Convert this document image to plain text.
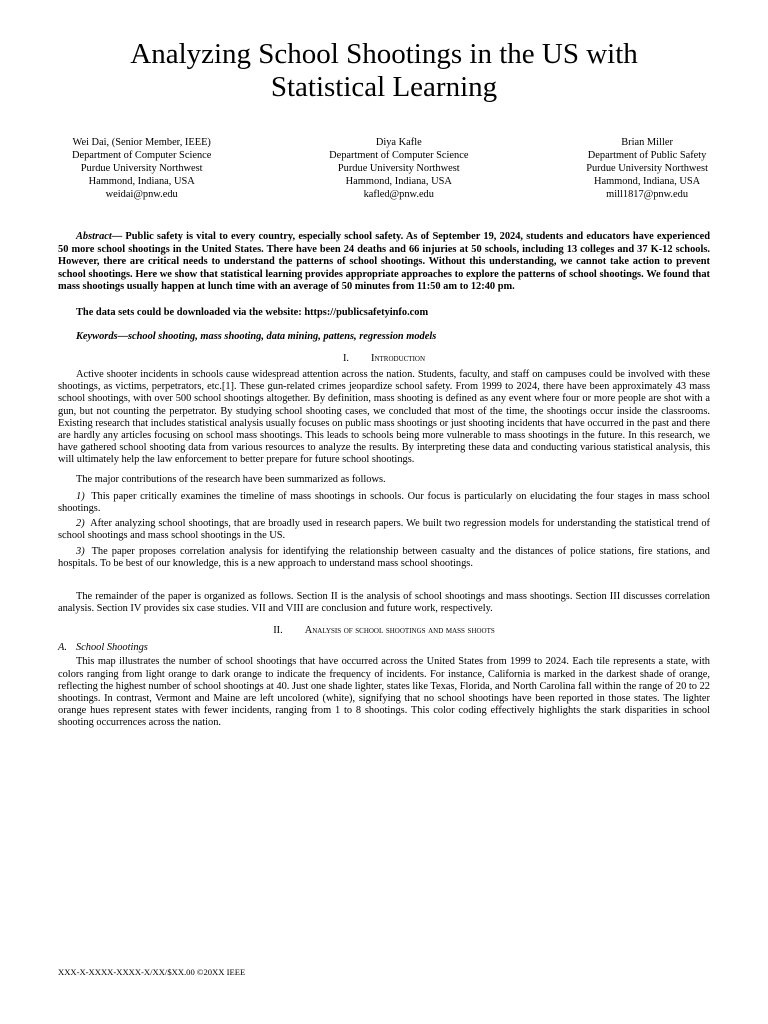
Analyzing School Shootings in the US with
Statistical Learning
Wei Dai, (Senior Member, IEEE)
Department of Computer Science
Purdue University Northwest
Hammond, Indiana, USA
weidai@pnw.edu
Diya Kafle
Department of Computer Science
Purdue University Northwest
Hammond, Indiana, USA
kafled@pnw.edu
Brian Miller
Department of Public Safety
Purdue University Northwest
Hammond, Indiana, USA
mill1817@pnw.edu

Abstract— Public safety is vital to every country, especially school safety. As of September 19, 2024, students and educators have experienced 50 more school shootings in the United States. There have been 24 deaths and 66 injuries at 50 schools, including 13 colleges and 37 K-12 schools. However, there are critical needs to understand the patterns of school shootings. Without this understanding, we cannot take action to prevent school shootings. Here we show that statistical learning provides appropriate approaches to explore the patterns of school shootings. We found that mass shootings usually happen at lunch time with an average of 50 minutes from 11:50 am to 12:40 pm.

The data sets could be downloaded via the website: https://publicsafetyinfo.com

Keywords—school shooting, mass shooting, data mining, pattens, regression models

I. Introduction

Active shooter incidents in schools cause widespread attention across the nation. Students, faculty, and staff on campuses could be involved with these shootings, as victims, perpetrators, etc.[1]. These gun-related crimes jeopardize school safety. From 1999 to 2024, there have been approximately 43 mass school shootings, with over 500 school shootings altogether. By definition, mass shooting is defined as any event where four or more people are shot with a gun, but not counting the perpetrator. By studying school shooting cases, we concluded that most of the time, the shootings occur inside the classrooms. Existing research that includes statistical analysis usually focuses on public mass shootings or just shooting incidents that have occurred in the past and there are hardly any articles focusing on school mass shootings. This leads to schools being more vulnerable to mass shootings in the future. In this research, we have gathered school shooting data from various resources to analyze the results. By interpreting these data and conducting various statistical analysis, this will ultimately help the law enforcement to better prepare for future school shootings.

The major contributions of the research have been summarized as follows.

1) This paper critically examines the timeline of mass shootings in schools. Our focus is particularly on elucidating the four stages in mass school shootings.

2) After analyzing school shootings, that are broadly used in research papers. We built two regression models for understanding the statistical trend of school shootings and mass school shootings in the US.

3) The paper proposes correlation analysis for identifying the relationship between casualty and the distances of police stations, fire stations, and hospitals. To be best of our knowledge, this is a new approach to understand mass school shootings.

The remainder of the paper is organized as follows. Section II is the analysis of school shootings and mass shootings. Section III discusses correlation analysis. Section IV provides six case studies. VII and VIII are conclusion and future work, respectively.

II. Analysis of school shootings and mass shoots
A. School Shootings

This map illustrates the number of school shootings that have occurred across the United States from 1999 to 2024. Each tile represents a state, with colors ranging from light orange to dark orange to indicate the frequency of incidents. For instance, California is marked in the darkest shade of orange, reflecting the highest number of school shootings at 40. Just one shade lighter, states like Texas, Florida, and North Carolina fall within the range of 20 to 22 shootings. In contrast, Vermont and Maine are left uncolored (white), signifying that no school shootings have been reported in those states. The lighter orange hues represent states with fewer incidents, ranging from 1 to 8 shootings. This color coding effectively highlights the stark disparities in school shooting occurrences across the nation.

XXX-X-XXXX-XXXX-X/XX/$XX.00 ©20XX IEEE
